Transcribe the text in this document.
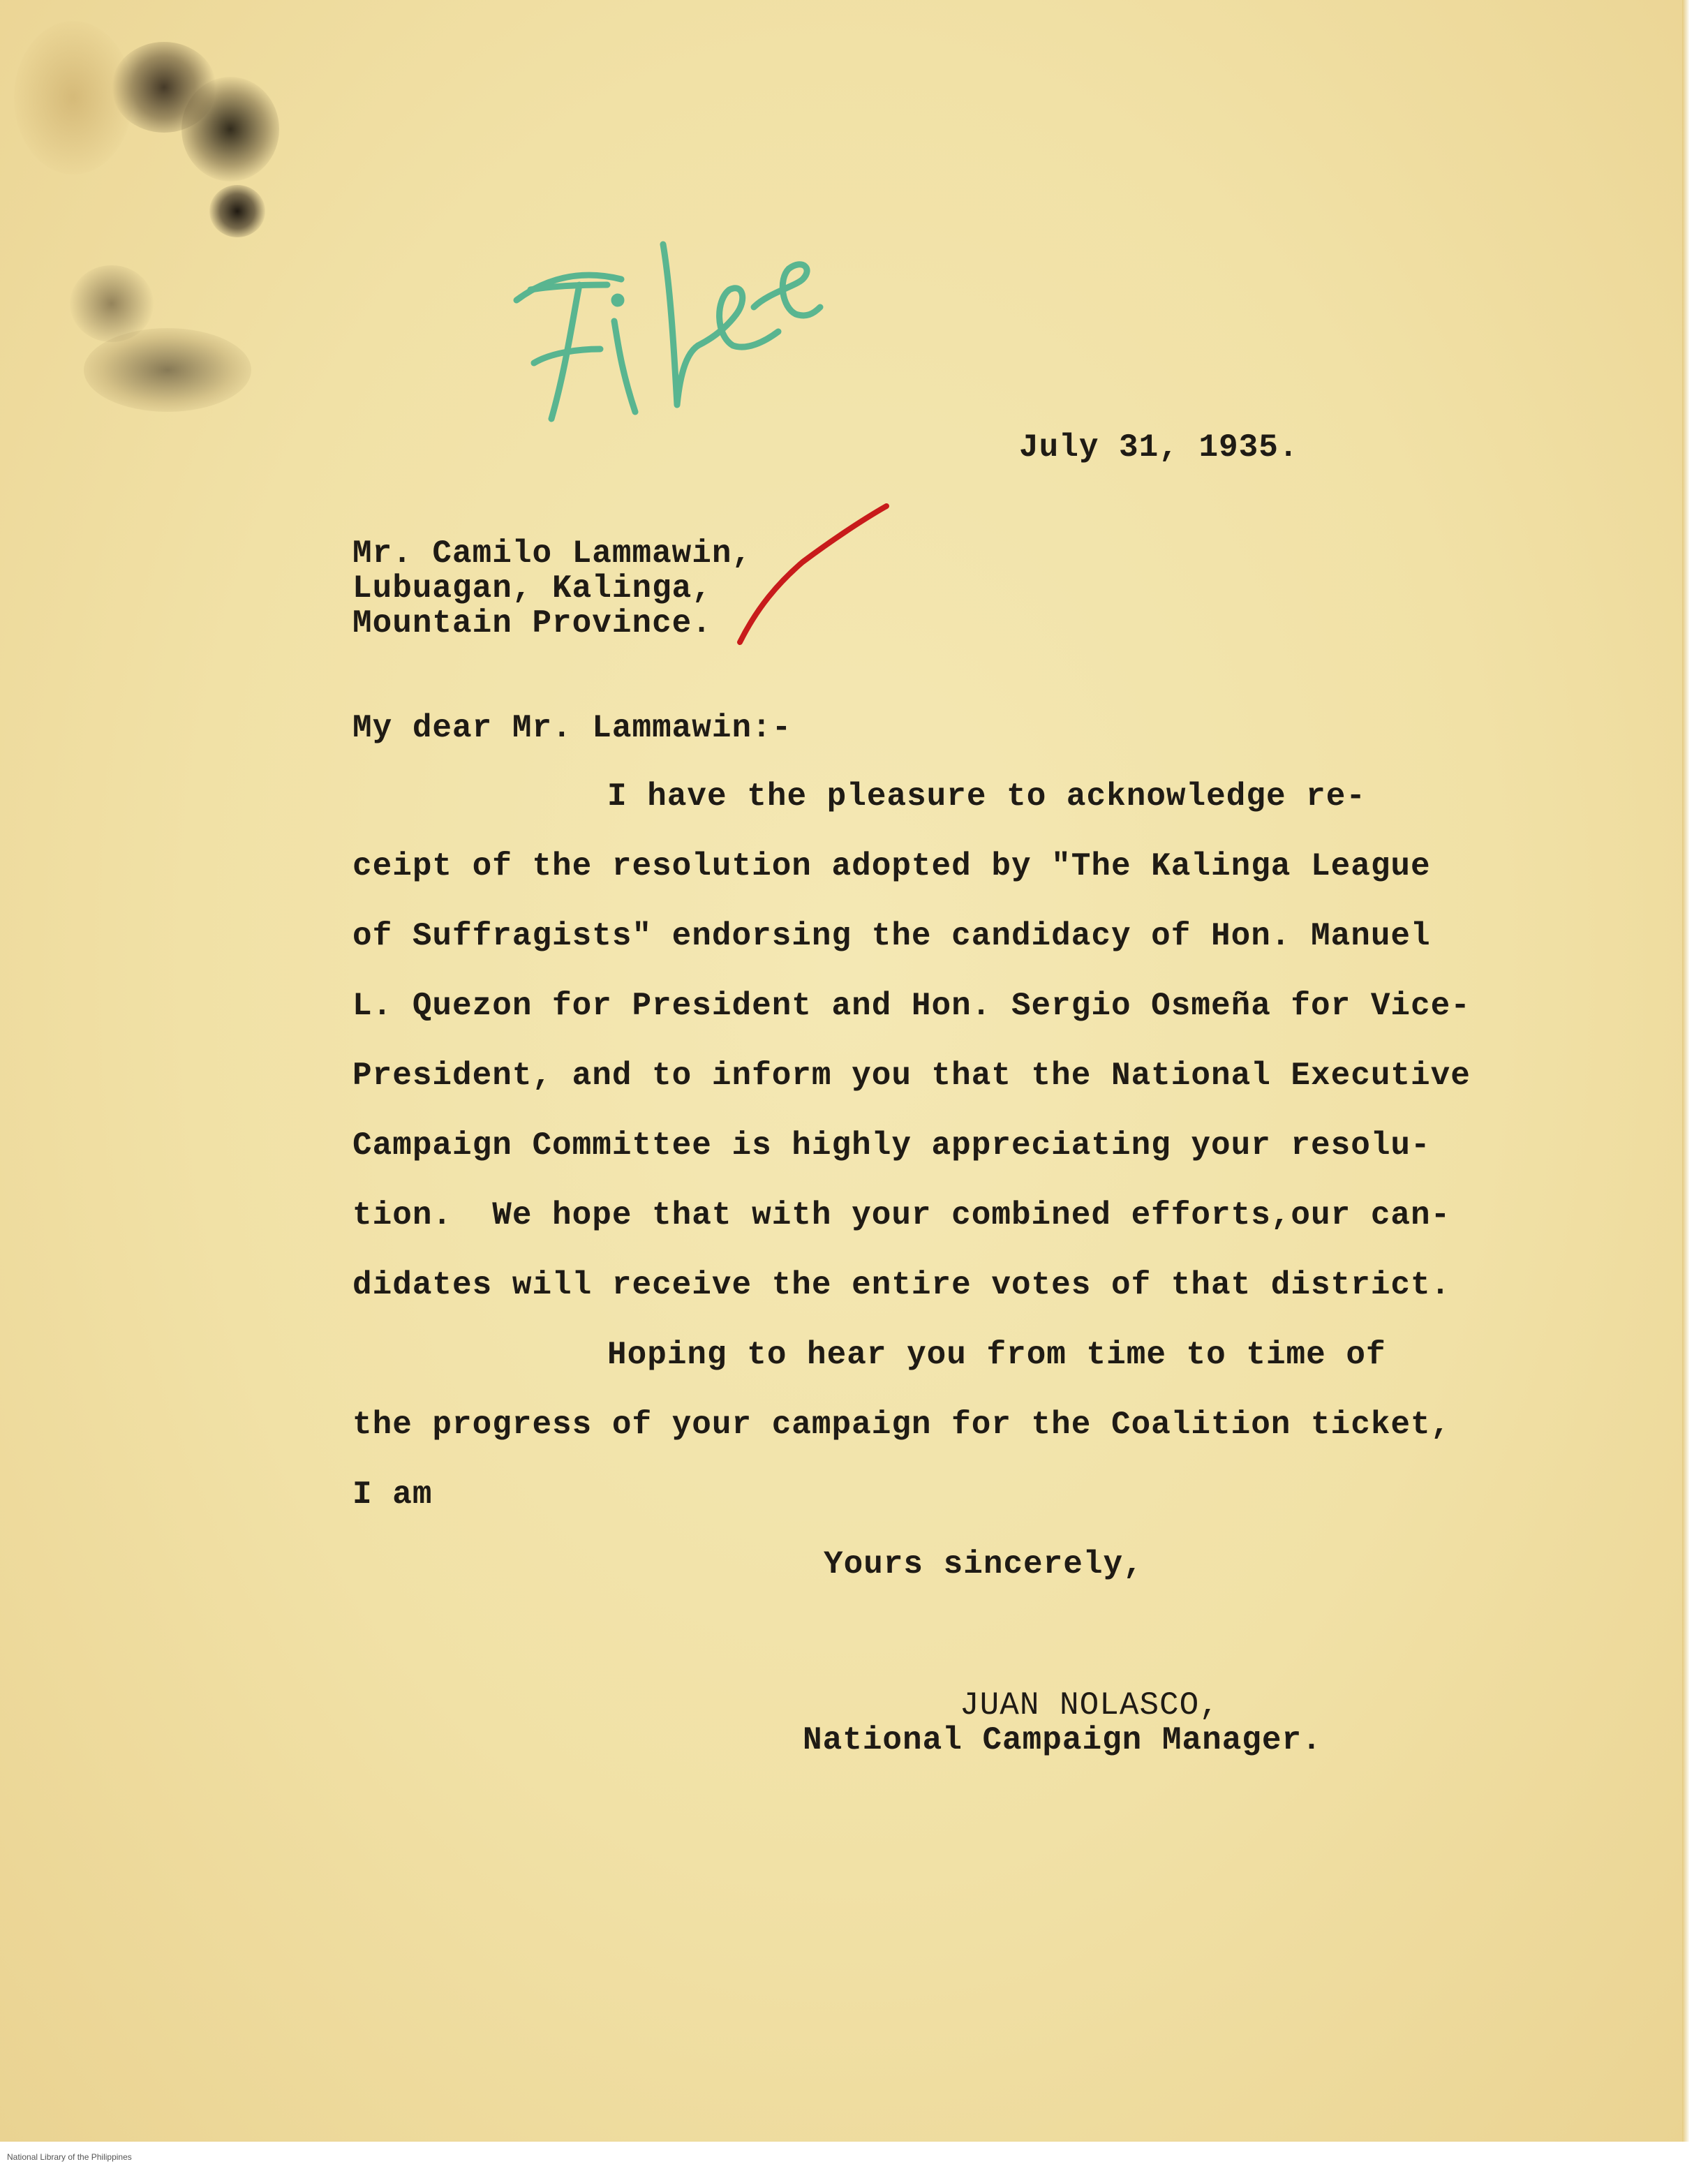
July 31, 1935.
Mr. Camilo Lammawin,
Lubuagan, Kalinga,
Mountain Province.
My dear Mr. Lammawin:-
I have the pleasure to acknowledge re-
ceipt of the resolution adopted by "The Kalinga League
of Suffragists" endorsing the candidacy of Hon. Manuel
L. Quezon for President and Hon. Sergio Osmeña for Vice-
President, and to inform you that the National Executive
Campaign Committee is highly appreciating your resolu-
tion.  We hope that with your combined efforts,our can-
didates will receive the entire votes of that district.
Hoping to hear you from time to time of
the progress of your campaign for the Coalition ticket,
I am
Yours sincerely,
JUAN NOLASCO,
National Campaign Manager.
National Library of the Philippines
